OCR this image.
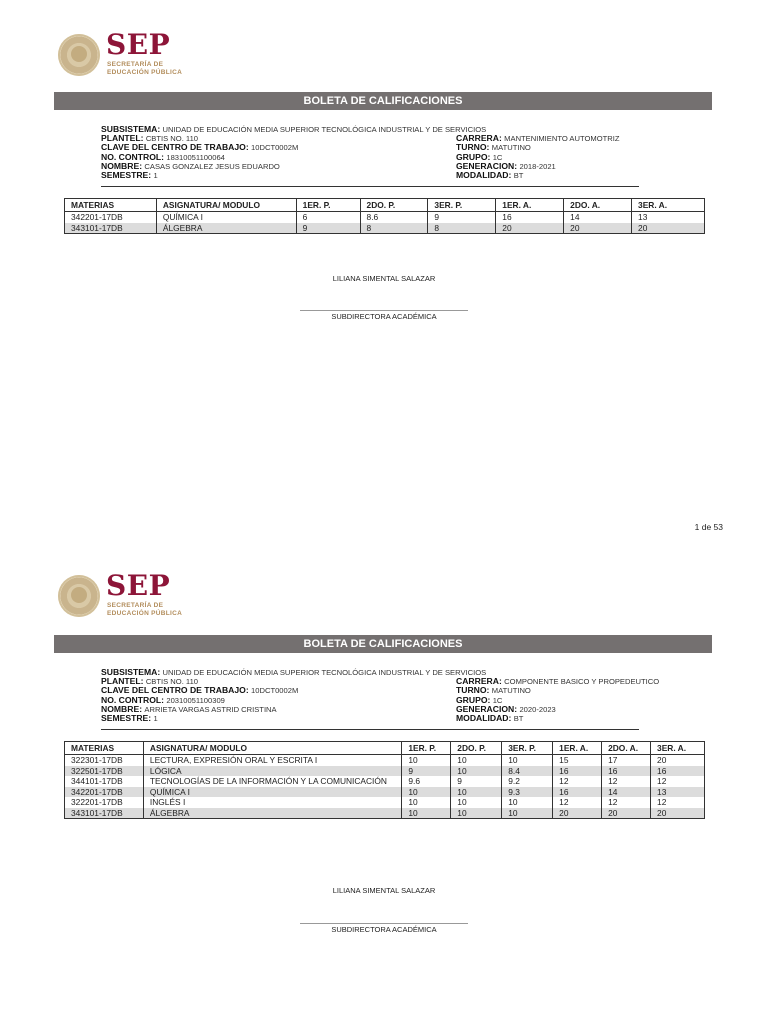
SEP
SECRETARÍA DE
EDUCACIÓN PÚBLICA
BOLETA DE CALIFICACIONES
SUBSISTEMA: UNIDAD DE EDUCACIÓN MEDIA SUPERIOR TECNOLÓGICA INDUSTRIAL Y DE SERVICIOS
PLANTEL: CBTIS NO. 110
CLAVE DEL CENTRO DE TRABAJO: 10DCT0002M
NO. CONTROL: 18310051100064
NOMBRE: CASAS GONZALEZ JESUS EDUARDO
SEMESTRE: 1
CARRERA: MANTENIMIENTO AUTOMOTRIZ
TURNO: MATUTINO
GRUPO: 1C
GENERACION: 2018-2021
MODALIDAD: BT
MATERIAS	ASIGNATURA/ MODULO	1ER. P.	2DO. P.	3ER. P.	1ER. A.	2DO. A.	3ER. A.
342201-17DB	QUÍMICA I	6	8.6	9	16	14	13
343101-17DB	ÁLGEBRA	9	8	8	20	20	20
LILIANA SIMENTAL SALAZAR
SUBDIRECTORA ACADÉMICA
1 de 53
SEP
SECRETARÍA DE
EDUCACIÓN PÚBLICA
BOLETA DE CALIFICACIONES
SUBSISTEMA: UNIDAD DE EDUCACIÓN MEDIA SUPERIOR TECNOLÓGICA INDUSTRIAL Y DE SERVICIOS
PLANTEL: CBTIS NO. 110
CLAVE DEL CENTRO DE TRABAJO: 10DCT0002M
NO. CONTROL: 20310051100309
NOMBRE: ARRIETA VARGAS ASTRID CRISTINA
SEMESTRE: 1
CARRERA: COMPONENTE BASICO Y PROPEDEUTICO
TURNO: MATUTINO
GRUPO: 1C
GENERACION: 2020-2023
MODALIDAD: BT
MATERIAS	ASIGNATURA/ MODULO	1ER. P.	2DO. P.	3ER. P.	1ER. A.	2DO. A.	3ER. A.
322301-17DB	LECTURA, EXPRESIÓN ORAL Y ESCRITA I	10	10	10	15	17	20
322501-17DB	LÓGICA	9	10	8.4	16	16	16
344101-17DB	TECNOLOGÍAS DE LA INFORMACIÓN Y LA COMUNICACIÓN	9.6	9	9.2	12	12	12
342201-17DB	QUÍMICA I	10	10	9.3	16	14	13
322201-17DB	INGLÉS I	10	10	10	12	12	12
343101-17DB	ÁLGEBRA	10	10	10	20	20	20
LILIANA SIMENTAL SALAZAR
SUBDIRECTORA ACADÉMICA
